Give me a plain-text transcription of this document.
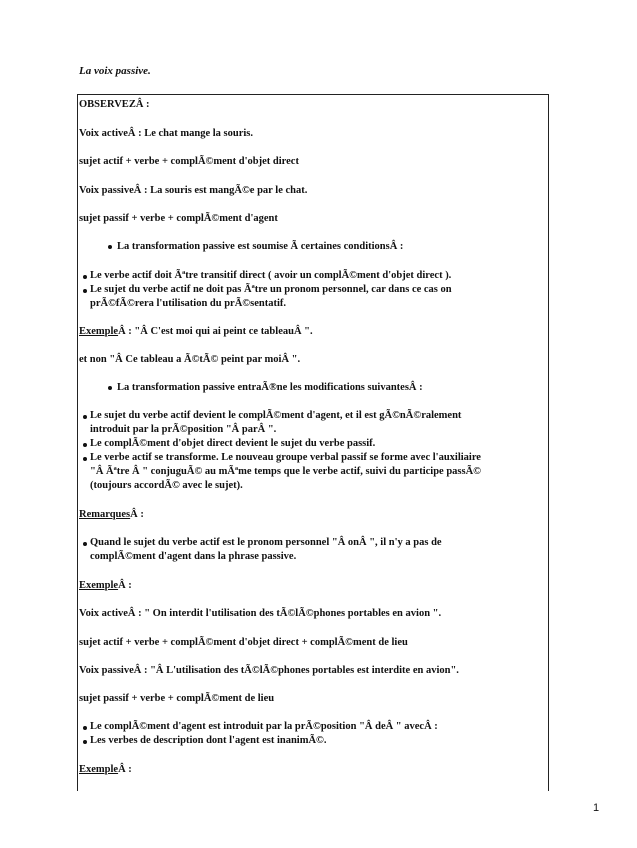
La voix passive.
OBSERVEZÂ :
Voix activeÂ : Le chat mange la souris.
sujet actif + verbe + complÃ©ment d'objet direct
Voix passiveÂ : La souris est mangÃ©e par le chat.
sujet passif + verbe + complÃ©ment d'agent
La transformation passive est soumise Ã certaines conditionsÂ :
Le verbe actif doit Ãªtre transitif direct ( avoir un complÃ©ment d'objet direct ).
Le sujet du verbe actif ne doit pas Ãªtre un pronom personnel, car dans ce cas on
prÃ©fÃ©rera l'utilisation du prÃ©sentatif.
ExempleÂ : "Â C'est moi qui ai peint ce tableauÂ ".
et non "Â Ce tableau a Ã©tÃ© peint par moiÂ ".
La transformation passive entraÃ®ne les modifications suivantesÂ :
Le sujet du verbe actif devient le complÃ©ment d'agent, et il est gÃ©nÃ©ralement
introduit par la prÃ©position "Â parÂ ".
Le complÃ©ment d'objet direct devient le sujet du verbe passif.
Le verbe actif se transforme. Le nouveau groupe verbal passif se forme avec l'auxiliaire
"Â Ãªtre Â " conjuguÃ© au mÃªme temps que le verbe actif, suivi du participe passÃ©
(toujours accordÃ© avec le sujet).
RemarquesÂ :
Quand le sujet du verbe actif est le pronom personnel "Â onÂ ", il n'y a pas de
complÃ©ment d'agent dans la phrase passive.
ExempleÂ :
Voix activeÂ : " On interdit l'utilisation des tÃ©lÃ©phones portables en avion ".
sujet actif + verbe + complÃ©ment d'objet direct + complÃ©ment de lieu
Voix passiveÂ : "Â L'utilisation des tÃ©lÃ©phones portables est interdite en avion".
sujet passif + verbe + complÃ©ment de lieu
Le complÃ©ment d'agent est introduit par la prÃ©position "Â deÂ " avecÂ :
Les verbes de description dont l'agent est inanimÃ©.
ExempleÂ :
1
